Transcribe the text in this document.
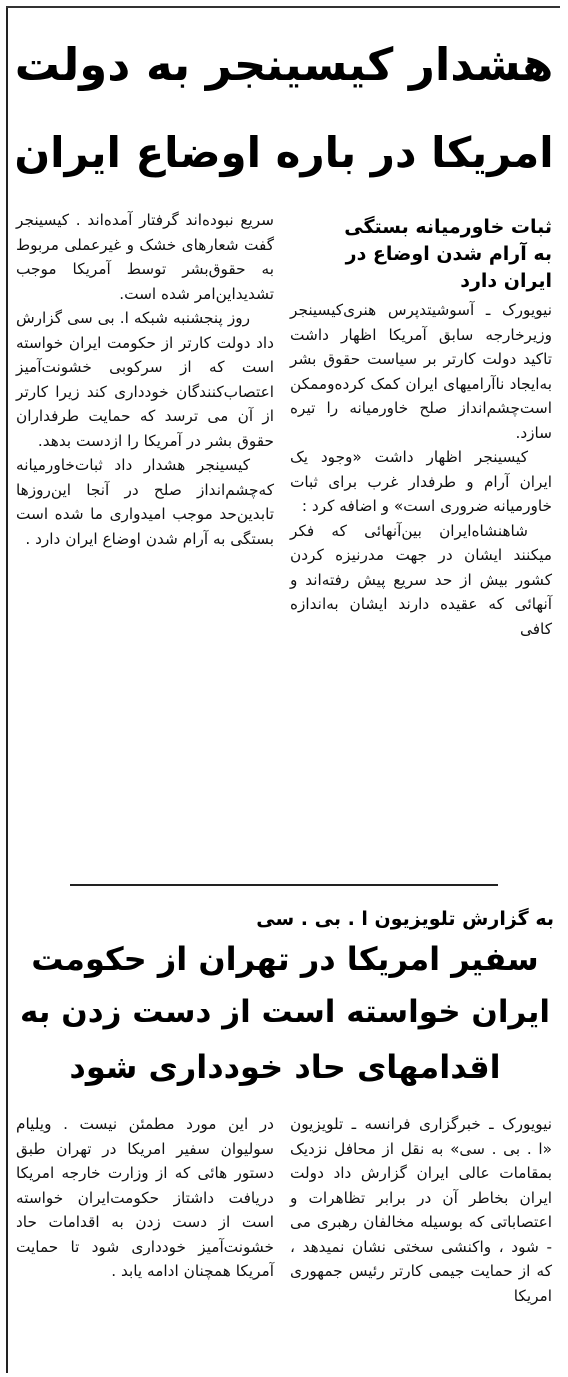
هشدار کیسینجر به دولت
امریکا در باره اوضاع ایران
ثبات خاورمیانه بستگی
به آرام شدن اوضاع در
ایران دارد

نیویورک ـ آسوشیتدپرس هنری‌کیسینجر وزیرخارجه سابق آمریکا اظهار داشت تاکید دولت کارتر بر سیاست حقوق بشر به‌ایجاد ناآرامیهای ایران کمک کرده‌وممکن است‌چشم‌انداز صلح خاورمیانه را تیره سازد.

کیسینجر اظهار داشت «وجود یک ایران آرام و طرفدار غرب برای ثبات خاورمیانه ضروری است» و اضافه کرد :

شاهنشاه‌ایران بین‌آنهائی که فکر میکنند ایشان در جهت مدرنیزه کردن کشور بیش از حد سریع پیش رفته‌اند و آنهائی که عقیده دارند ایشان به‌اندازه کافی

سریع نبوده‌اند گرفتار آمده‌اند . کیسینجر گفت شعارهای خشک و غیرعملی مربوط به حقوق‌بشر توسط آمریکا موجب تشدیداین‌امر شده است.

روز پنجشنبه شبکه ا. بی سی گزارش داد دولت کارتر از حکومت ایران خواسته است که از سرکوبی خشونت‌آمیز اعتصاب‌کنندگان خودداری کند زیرا کارتر از آن می ترسد که حمایت طرفداران حقوق بشر در آمریکا را ازدست بدهد.

کیسینجر هشدار داد ثبات‌خاورمیانه که‌چشم‌انداز صلح در آنجا این‌روزها تابدین‌حد موجب امیدواری ما شده است بستگی به آرام شدن اوضاع ایران دارد .

به گزارش تلویزیون ا . بی . سی
سفیر امریکا در تهران از حکومت
ایران خواسته است از دست زدن به
اقدامهای حاد خودداری شود

نیویورک ـ خبرگزاری فرانسه ـ تلویزیون «ا . بی . سی» به نقل از محافل نزدیک بمقامات عالی ایران گزارش داد دولت ایران بخاطر آن در برابر تظاهرات و اعتصاباتی که بوسیله مخالفان رهبری می - شود ، واکنشی سختی نشان نمیدهد ، که از حمایت جیمی کارتر رئیس جمهوری امریکا

در این مورد مطمئن نیست . ویلیام سولیوان سفیر امریکا در تهران طبق دستور هائی که از وزارت خارجه امریکا دریافت داشتاز حکومت‌ایران خواسته است از دست زدن به اقدامات حاد خشونت‌آمیز خودداری شود تا حمایت آمریکا همچنان ادامه یابد .
